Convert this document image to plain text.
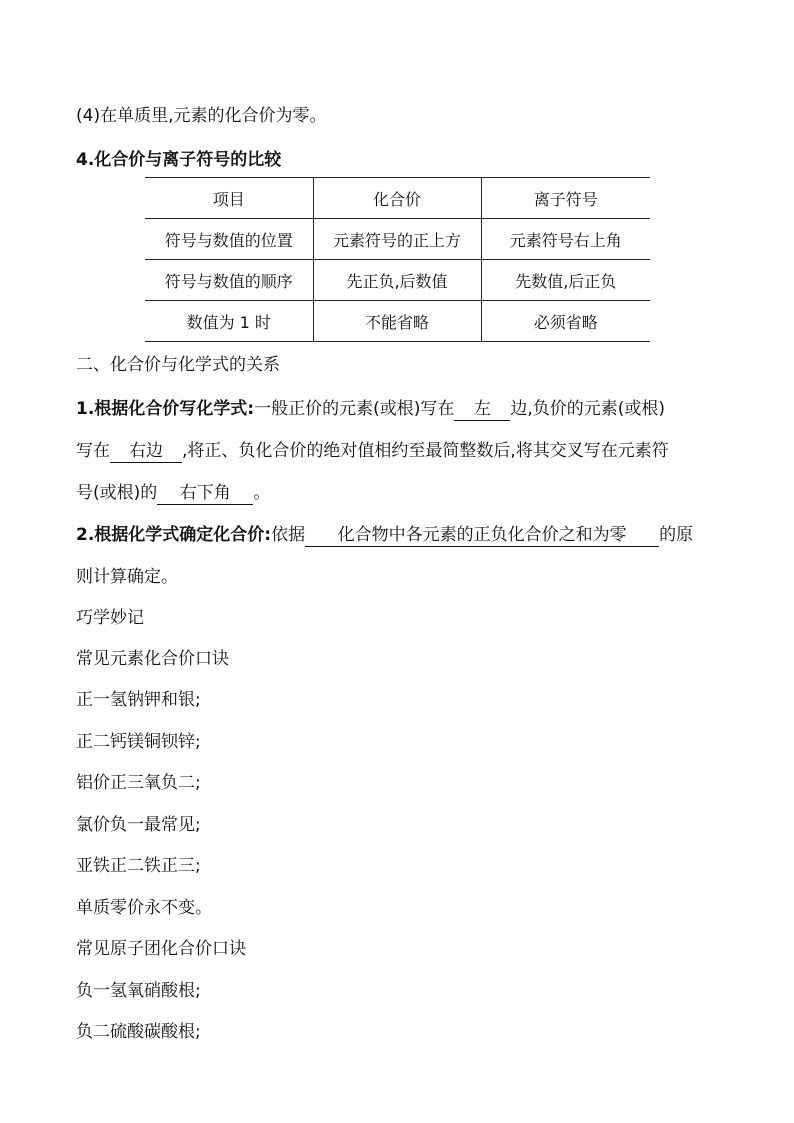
(4)在单质里,元素的化合价为零。
4.化合价与离子符号的比较
项目	化合价	离子符号
符号与数值的位置	元素符号的正上方	元素符号右上角
符号与数值的顺序	先正负,后数值	先数值,后正负
数值为 1 时	不能省略	必须省略
二、化合价与化学式的关系
1.根据化合价写化学式:一般正价的元素(或根)写在 左 边,负价的元素(或根)
写在 右边 ,将正、负化合价的绝对值相约至最简整数后,将其交叉写在元素符
号(或根)的 右下角 。
2.根据化学式确定化合价:依据 化合物中各元素的正负化合价之和为零 的原
则计算确定。
巧学妙记
常见元素化合价口诀
正一氢钠钾和银;
正二钙镁铜钡锌;
铝价正三氧负二;
氯价负一最常见;
亚铁正二铁正三;
单质零价永不变。
常见原子团化合价口诀
负一氢氧硝酸根;
负二硫酸碳酸根;
